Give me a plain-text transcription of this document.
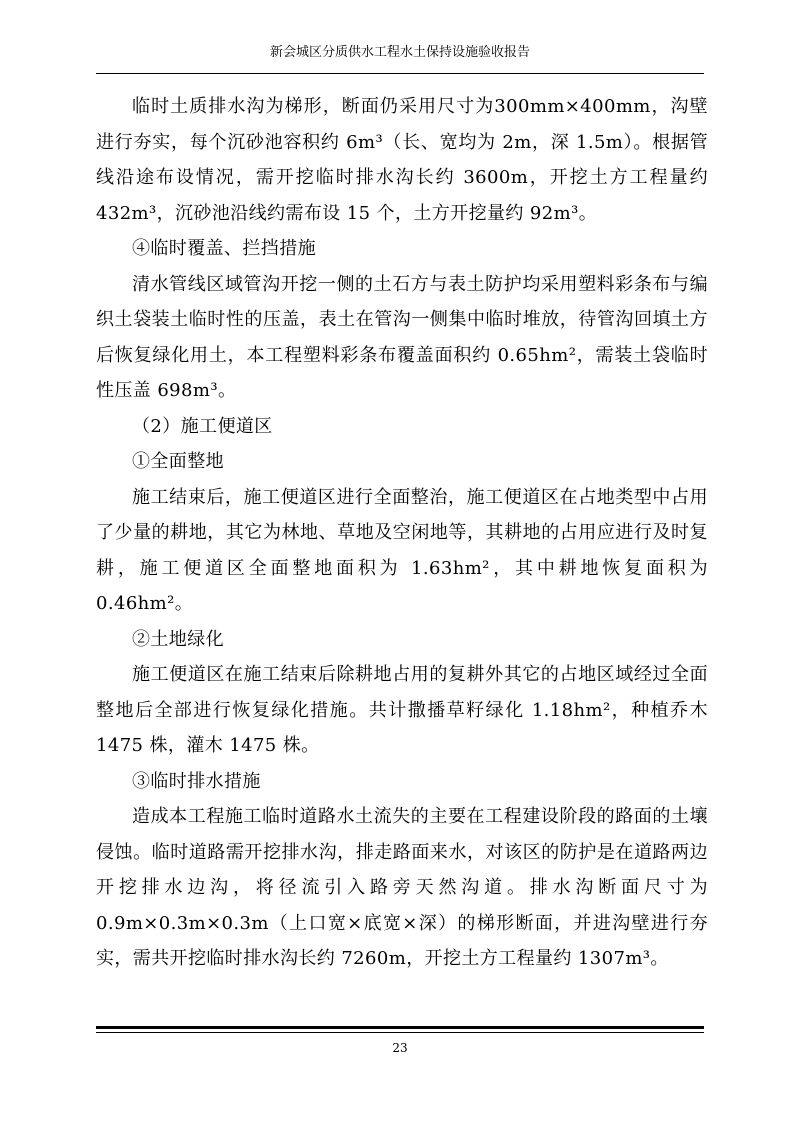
新会城区分质供水工程水土保持设施验收报告

临时土质排水沟为梯形，断面仍采用尺寸为300mm×400mm，沟壁进行夯实，每个沉砂池容积约 6m³（长、宽均为 2m，深 1.5m）。根据管线沿途布设情况，需开挖临时排水沟长约 3600m，开挖土方工程量约 432m³，沉砂池沿线约需布设 15 个，土方开挖量约 92m³。

④临时覆盖、拦挡措施

清水管线区域管沟开挖一侧的土石方与表土防护均采用塑料彩条布与编织土袋装土临时性的压盖，表土在管沟一侧集中临时堆放，待管沟回填土方后恢复绿化用土，本工程塑料彩条布覆盖面积约 0.65hm²，需装土袋临时性压盖 698m³。

（2）施工便道区

①全面整地

施工结束后，施工便道区进行全面整治，施工便道区在占地类型中占用了少量的耕地，其它为林地、草地及空闲地等，其耕地的占用应进行及时复耕，施工便道区全面整地面积为 1.63hm²，其中耕地恢复面积为 0.46hm²。

②土地绿化

施工便道区在施工结束后除耕地占用的复耕外其它的占地区域经过全面整地后全部进行恢复绿化措施。共计撒播草籽绿化 1.18hm²，种植乔木 1475 株，灌木 1475 株。

③临时排水措施

造成本工程施工临时道路水土流失的主要在工程建设阶段的路面的土壤侵蚀。临时道路需开挖排水沟，排走路面来水，对该区的防护是在道路两边开挖排水边沟，将径流引入路旁天然沟道。排水沟断面尺寸为 0.9m×0.3m×0.3m（上口宽×底宽×深）的梯形断面，并进沟壁进行夯实，需共开挖临时排水沟长约 7260m，开挖土方工程量约 1307m³。

23
